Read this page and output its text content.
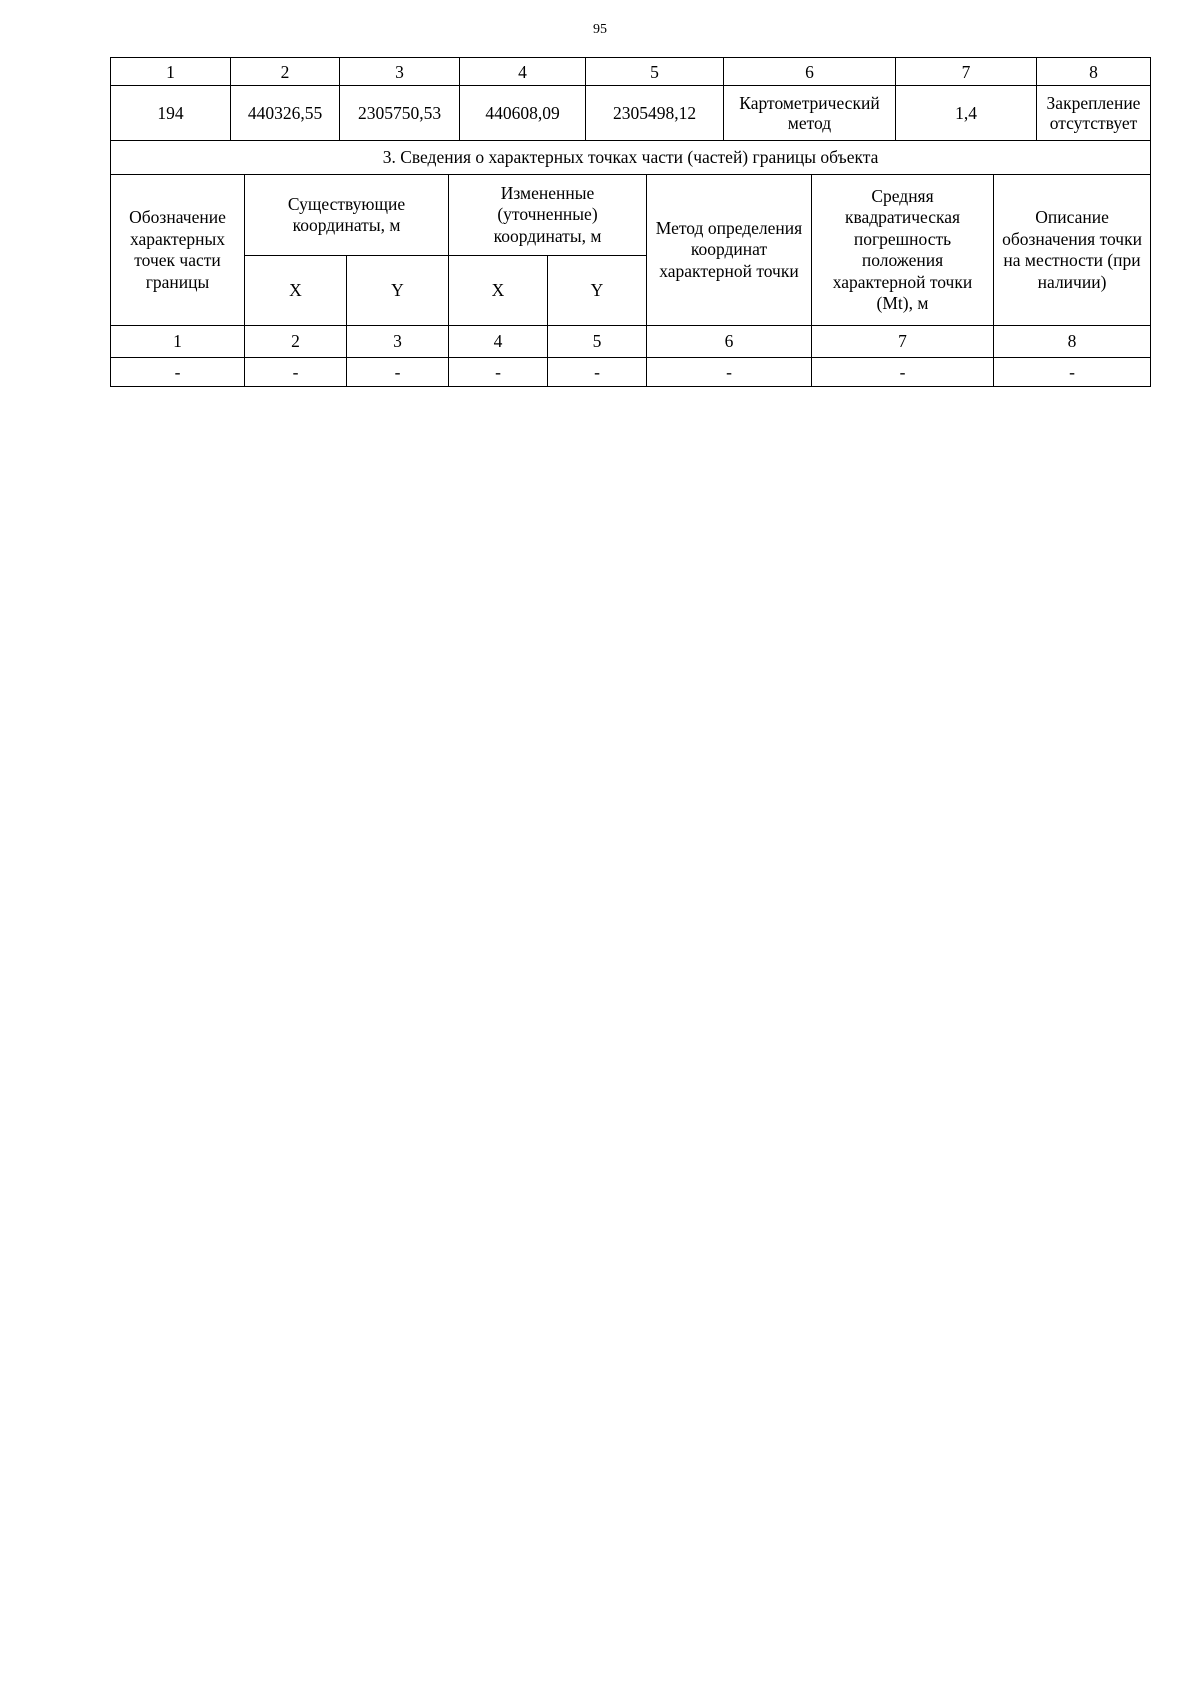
95
1	2	3	4	5	6	7	8
194	440326,55	2305750,53	440608,09	2305498,12	Картометрический метод	1,4	Закрепление отсутствует
3. Сведения о характерных точках части (частей) границы объекта							
Обозначение характерных точек части границы	Существующие координаты, м		Измененные (уточненные) координаты, м		Метод определения координат характерной точки	Средняя квадратическая погрешность положения характерной точки (Mt), м	Описание обозначения точки на местности (при наличии)
	X	Y	X	Y			
1	2	3	4	5	6	7	8
-	-	-	-	-	-	-	-
